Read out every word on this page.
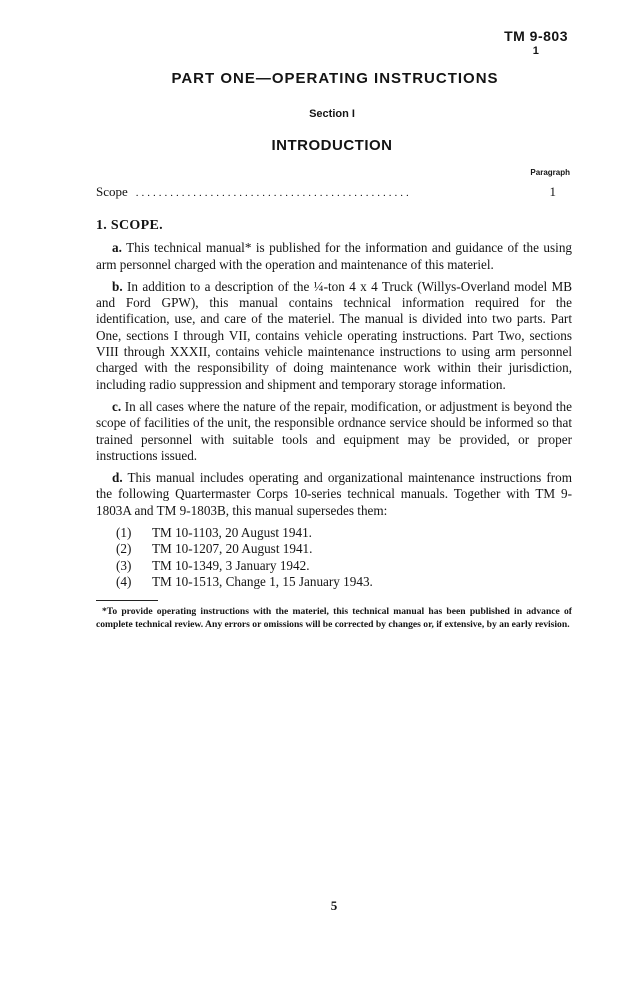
TM 9-803
1
PART ONE—OPERATING INSTRUCTIONS
Section I
INTRODUCTION
Paragraph
Scope ................................................	1

1. SCOPE.

a. This technical manual* is published for the information and guidance of the using arm personnel charged with the operation and maintenance of this materiel.

b. In addition to a description of the ¼-ton 4 x 4 Truck (Willys-Overland model MB and Ford GPW), this manual contains technical information required for the identification, use, and care of the materiel. The manual is divided into two parts. Part One, sections I through VII, contains vehicle operating instructions. Part Two, sections VIII through XXXII, contains vehicle maintenance instructions to using arm personnel charged with the responsibility of doing maintenance work within their jurisdiction, including radio suppression and shipment and temporary storage information.

c. In all cases where the nature of the repair, modification, or adjustment is beyond the scope of facilities of the unit, the responsible ordnance service should be informed so that trained personnel with suitable tools and equipment may be provided, or proper instructions issued.

d. This manual includes operating and organizational maintenance instructions from the following Quartermaster Corps 10-series technical manuals. Together with TM 9-1803A and TM 9-1803B, this manual supersedes them:

(1)	TM 10-1103, 20 August 1941.
(2)	TM 10-1207, 20 August 1941.
(3)	TM 10-1349, 3 January 1942.
(4)	TM 10-1513, Change 1, 15 January 1943.

*To provide operating instructions with the materiel, this technical manual has been published in advance of complete technical review. Any errors or omissions will be corrected by changes or, if extensive, by an early revision.

5
